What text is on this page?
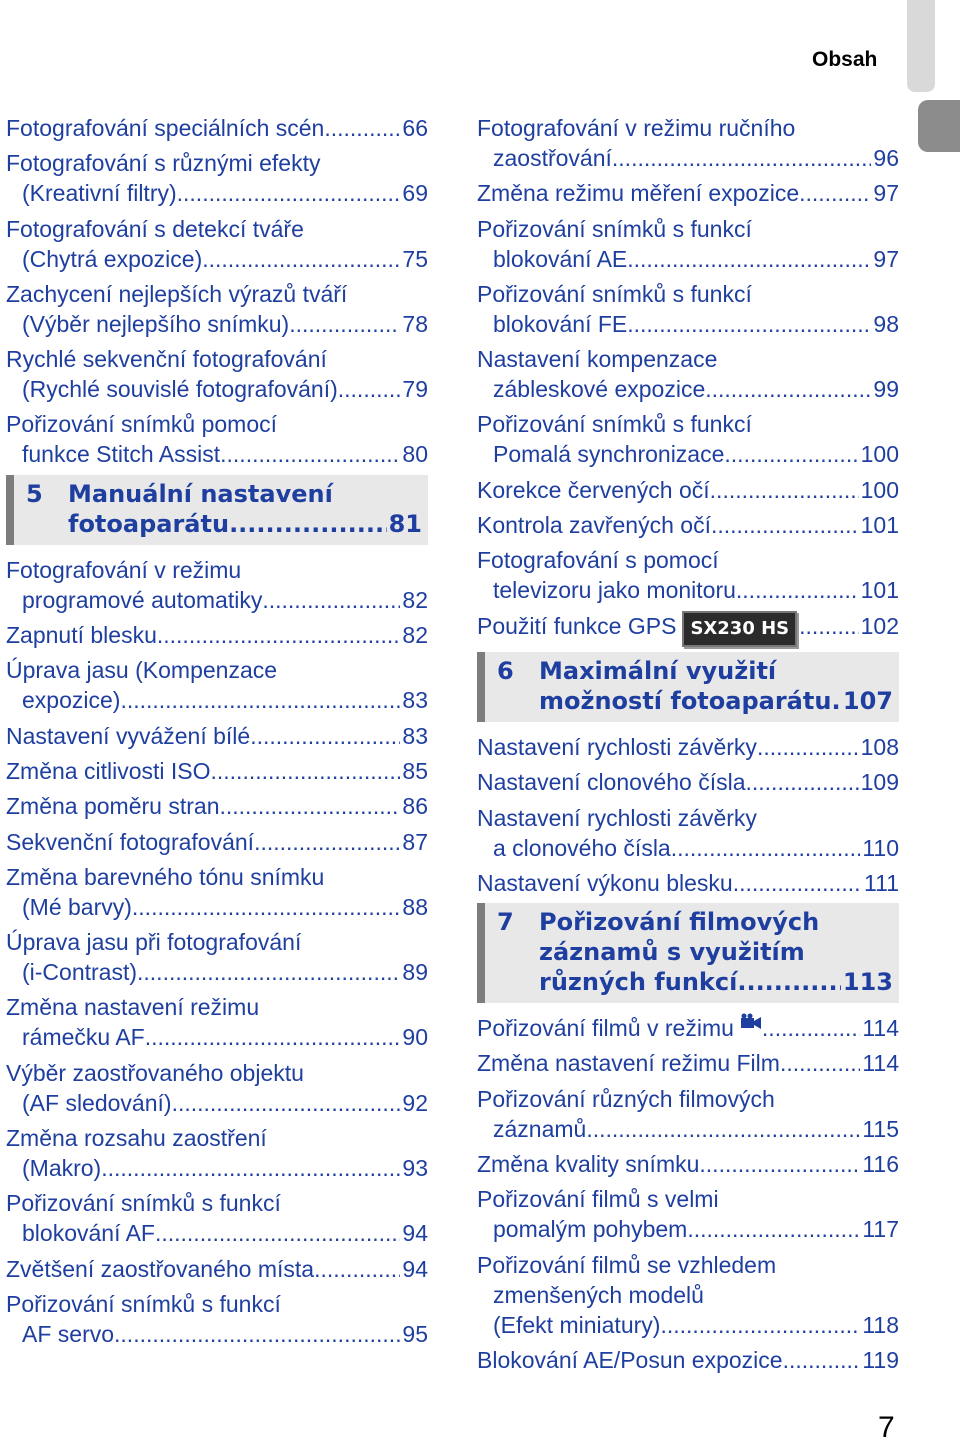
Obsah
Fotografování speciálních scén .....	66
Fotografování s různými efekty
(Kreativní filtry) .....	69
Fotografování s detekcí tváře
(Chytrá expozice) .....	75
Zachycení nejlepších výrazů tváří
(Výběr nejlepšího snímku) .....	78
Rychlé sekvenční fotografování
(Rychlé souvislé fotografování) .....	79
Pořizování snímků pomocí
funkce Stitch Assist .....	80
5	Manuální nastavení
fotoaparátu .....	81
Fotografování v režimu
programové automatiky .....	82
Zapnutí blesku .....	82
Úprava jasu (Kompenzace
expozice) .....	83
Nastavení vyvážení bílé .....	83
Změna citlivosti ISO .....	85
Změna poměru stran .....	86
Sekvenční fotografování .....	87
Změna barevného tónu snímku
(Mé barvy) .....	88
Úprava jasu při fotografování
(i-Contrast) .....	89
Změna nastavení režimu
rámečku AF .....	90
Výběr zaostřovaného objektu
(AF sledování) .....	92
Změna rozsahu zaostření
(Makro) .....	93
Pořizování snímků s funkcí
blokování AF .....	94
Zvětšení zaostřovaného místa .....	94
Pořizování snímků s funkcí
AF servo .....	95
Fotografování v režimu ručního
zaostřování .....	96
Změna režimu měření expozice .....	97
Pořizování snímků s funkcí
blokování AE .....	97
Pořizování snímků s funkcí
blokování FE .....	98
Nastavení kompenzace
zábleskové expozice .....	99
Pořizování snímků s funkcí
Pomalá synchronizace .....	100
Korekce červených očí .....	100
Kontrola zavřených očí .....	101
Fotografování s pomocí
televizoru jako monitoru .....	101
Použití funkce GPS SX230 HS .....	102
6	Maximální využití
možností fotoaparátu ..... 107
Nastavení rychlosti závěrky .....	108
Nastavení clonového čísla .....	109
Nastavení rychlosti závěrky
a clonového čísla .....	110
Nastavení výkonu blesku .....	111
7	Pořizování filmových
záznamů s využitím
různých funkcí .....	113
Pořizování filmů v režimu .....	114
Změna nastavení režimu Film .....	114
Pořizování různých filmových
záznamů .....	115
Změna kvality snímku .....	116
Pořizování filmů s velmi
pomalým pohybem .....	117
Pořizování filmů se vzhledem
zmenšených modelů
(Efekt miniatury) .....	118
Blokování AE/Posun expozice .....	119
7
